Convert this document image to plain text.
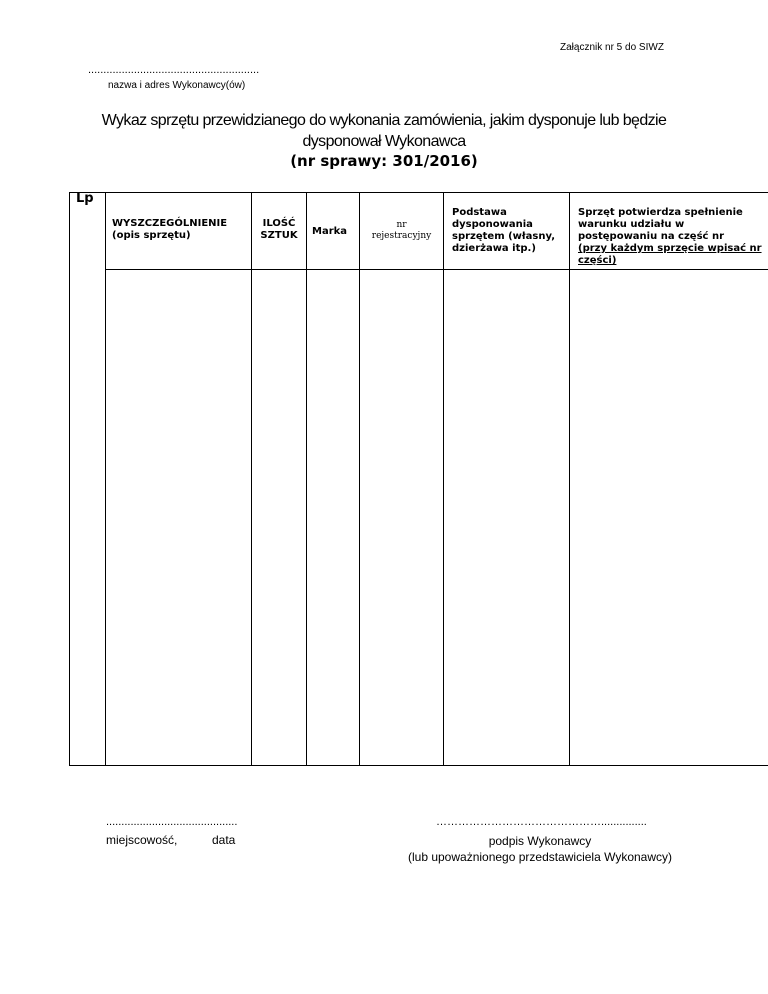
Załącznik nr 5 do SIWZ
........................................................
nazwa i adres Wykonawcy(ów)
Wykaz sprzętu przewidzianego do wykonania zamówienia, jakim dysponuje lub będzie
dysponował Wykonawca
(nr sprawy: 301/2016)
Lp
WYSZCZEGÓLNIENIE
(opis sprzętu)
ILOŚĆ
SZTUK	Marka
nr
rejestracyjny
Podstawa
dysponowania
sprzętem (własny,
dzierżawa itp.)
Sprzęt potwierdza spełnienie
warunku udziału w
postępowaniu na część nr
(przy każdym sprzęcie wpisać nr
części)
...........................................
miejscowość,	data
………………………………………...............
podpis Wykonawcy
(lub upoważnionego przedstawiciela Wykonawcy)
